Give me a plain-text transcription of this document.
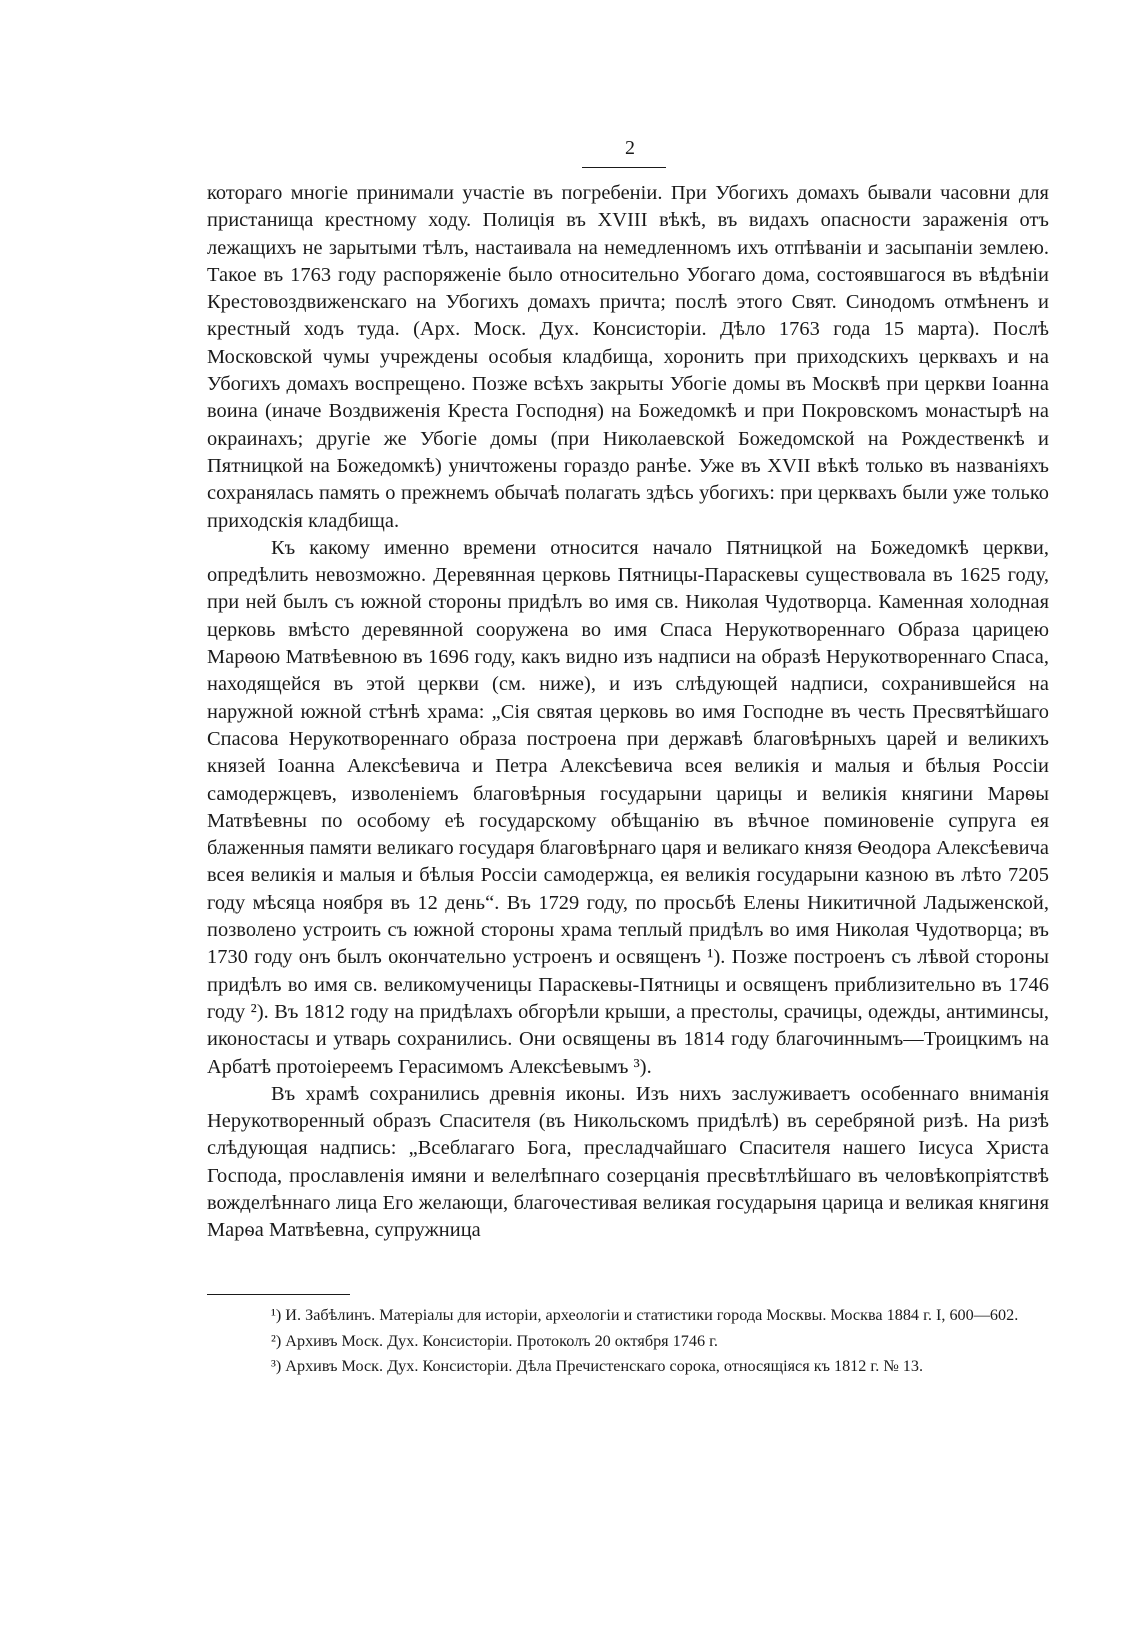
2

котораго многіе принимали участіе въ погребеніи. При Убогихъ домахъ бывали часовни для пристанища крестному ходу. Полиція въ XVIII вѣкѣ, въ видахъ опасности зараженія отъ лежащихъ не зарытыми тѣлъ, настаивала на немедленномъ ихъ отпѣваніи и засыпаніи землею. Такое въ 1763 году распоряженіе было относительно Убогаго дома, состоявшагося въ вѣдѣніи Крестовоздвиженскаго на Убогихъ домахъ причта; послѣ этого Свят. Синодомъ отмѣненъ и крестный ходъ туда. (Арх. Моск. Дух. Консисторіи. Дѣло 1763 года 15 марта). Послѣ Московской чумы учреждены особыя кладбища, хоронить при приходскихъ церквахъ и на Убогихъ домахъ воспрещено. Позже всѣхъ закрыты Убогіе домы въ Москвѣ при церкви Іоанна воина (иначе Воздвиженія Креста Господня) на Божедомкѣ и при Покровскомъ монастырѣ на окраинахъ; другіе же Убогіе домы (при Николаевской Божедомской на Рождественкѣ и Пятницкой на Божедомкѣ) уничтожены гораздо ранѣе. Уже въ XVII вѣкѣ только въ названіяхъ сохранялась память о прежнемъ обычаѣ полагать здѣсь убогихъ: при церквахъ были уже только приходскія кладбища.

Къ какому именно времени относится начало Пятницкой на Божедомкѣ церкви, опредѣлить невозможно. Деревянная церковь Пятницы-Параскевы существовала въ 1625 году, при ней былъ съ южной стороны придѣлъ во имя св. Николая Чудотворца. Каменная холодная церковь вмѣсто деревянной сооружена во имя Спаса Нерукотвореннаго Образа царицею Марѳою Матвѣевною въ 1696 году, какъ видно изъ надписи на образѣ Нерукотвореннаго Спаса, находящейся въ этой церкви (см. ниже), и изъ слѣдующей надписи, сохранившейся на наружной южной стѣнѣ храма: „Сія святая церковь во имя Господне въ честь Пресвятѣйшаго Спасова Нерукотвореннаго образа построена при державѣ благовѣрныхъ царей и великихъ князей Іоанна Алексѣевича и Петра Алексѣевича всея великія и малыя и бѣлыя Россіи самодержцевъ, изволеніемъ благовѣрныя государыни царицы и великія княгини Марѳы Матвѣевны по особому еѣ государскому обѣщанію въ вѣчное поминовеніе супруга ея блаженныя памяти великаго государя благовѣрнаго царя и великаго князя Ѳеодора Алексѣевича всея великія и малыя и бѣлыя Россіи самодержца, ея великія государыни казною въ лѣто 7205 году мѣсяца ноября въ 12 день“. Въ 1729 году, по просьбѣ Елены Никитичной Ладыженской, позволено устроить съ южной стороны храма теплый придѣлъ во имя Николая Чудотворца; въ 1730 году онъ былъ окончательно устроенъ и освященъ ¹). Позже построенъ съ лѣвой стороны придѣлъ во имя св. великомученицы Параскевы-Пятницы и освященъ приблизительно въ 1746 году ²). Въ 1812 году на придѣлахъ обгорѣли крыши, а престолы, срачицы, одежды, антиминсы, иконостасы и утварь сохранились. Они освящены въ 1814 году благочиннымъ—Троицкимъ на Арбатѣ протоіереемъ Герасимомъ Алексѣевымъ ³).

Въ храмѣ сохранились древнія иконы. Изъ нихъ заслуживаетъ особеннаго вниманія Нерукотворенный образъ Спасителя (въ Никольскомъ придѣлѣ) въ серебряной ризѣ. На ризѣ слѣдующая надпись: „Всеблагаго Бога, пресладчайшаго Спасителя нашего Іисуса Христа Господа, прославленія имяни и велелѣпнаго созерцанія пресвѣтлѣйшаго въ человѣкопріятствѣ вожделѣннаго лица Его желающи, благочестивая великая государыня царица и великая княгиня Марѳа Матвѣевна, супружница

¹) И. Забѣлинъ. Матеріалы для исторіи, археологіи и статистики города Москвы. Москва 1884 г. I, 600—602.

²) Архивъ Моск. Дух. Консисторіи. Протоколъ 20 октября 1746 г.

³) Архивъ Моск. Дух. Консисторіи. Дѣла Пречистенскаго сорока, относящіяся къ 1812 г. № 13.
